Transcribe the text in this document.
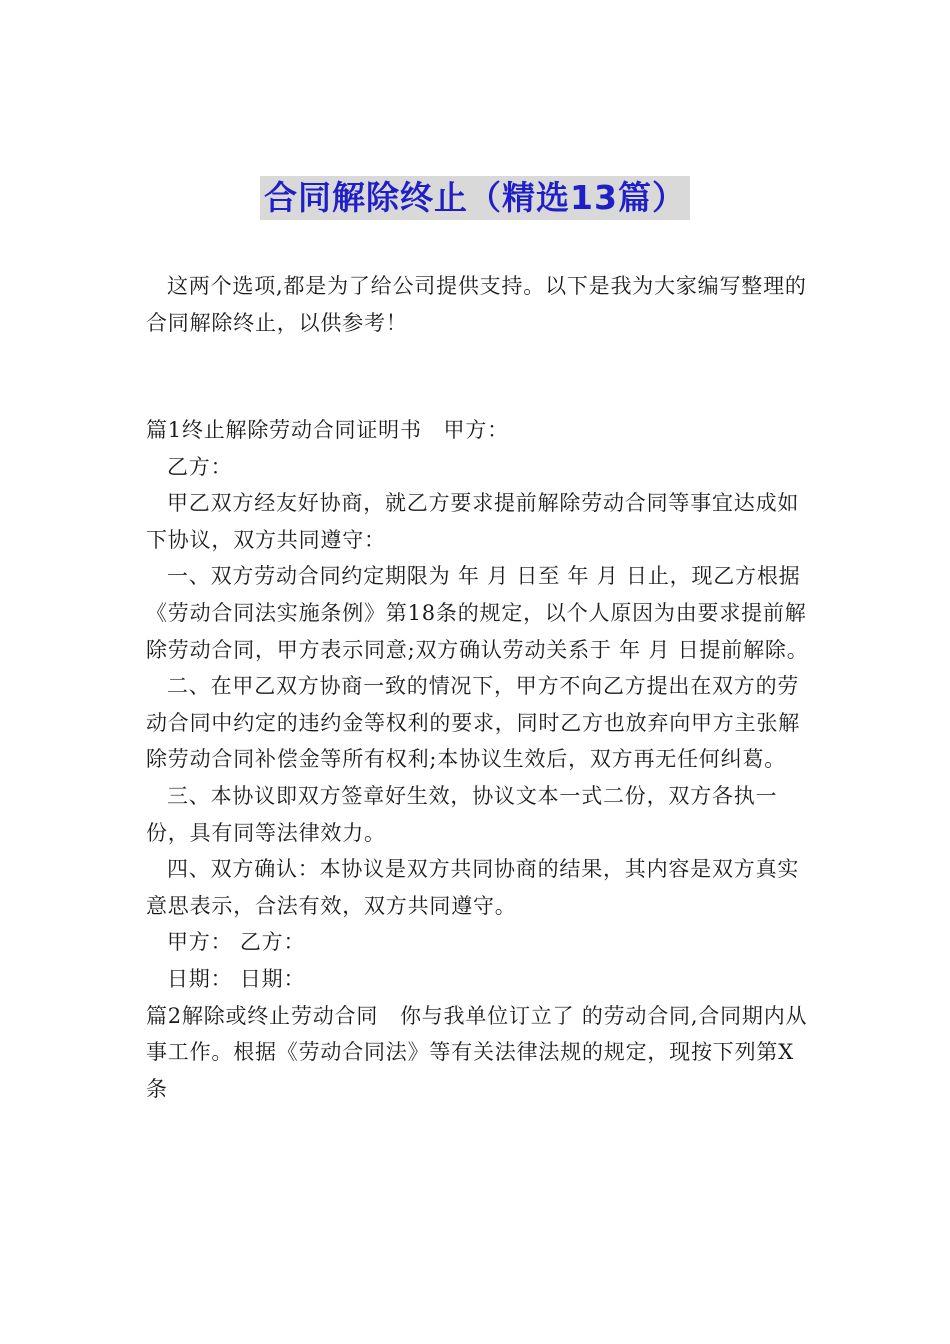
合同解除终止（精选13篇）

这两个选项,都是为了给公司提供支持。以下是我为大家编写整理的合同解除终止，以供参考！

篇1终止解除劳动合同证明书　甲方：

乙方：

甲乙双方经友好协商，就乙方要求提前解除劳动合同等事宜达成如下协议，双方共同遵守：

一、双方劳动合同约定期限为 年 月 日至 年 月 日止，现乙方根据《劳动合同法实施条例》第18条的规定，以个人原因为由要求提前解除劳动合同，甲方表示同意;双方确认劳动关系于 年 月 日提前解除。

二、在甲乙双方协商一致的情况下，甲方不向乙方提出在双方的劳动合同中约定的违约金等权利的要求，同时乙方也放弃向甲方主张解除劳动合同补偿金等所有权利;本协议生效后，双方再无任何纠葛。

三、本协议即双方签章好生效，协议文本一式二份，双方各执一份，具有同等法律效力。

四、双方确认：本协议是双方共同协商的结果，其内容是双方真实意思表示，合法有效，双方共同遵守。

甲方： 乙方：

日期： 日期：

篇2解除或终止劳动合同　你与我单位订立了 的劳动合同,合同期内从事工作。根据《劳动合同法》等有关法律法规的规定，现按下列第X条
